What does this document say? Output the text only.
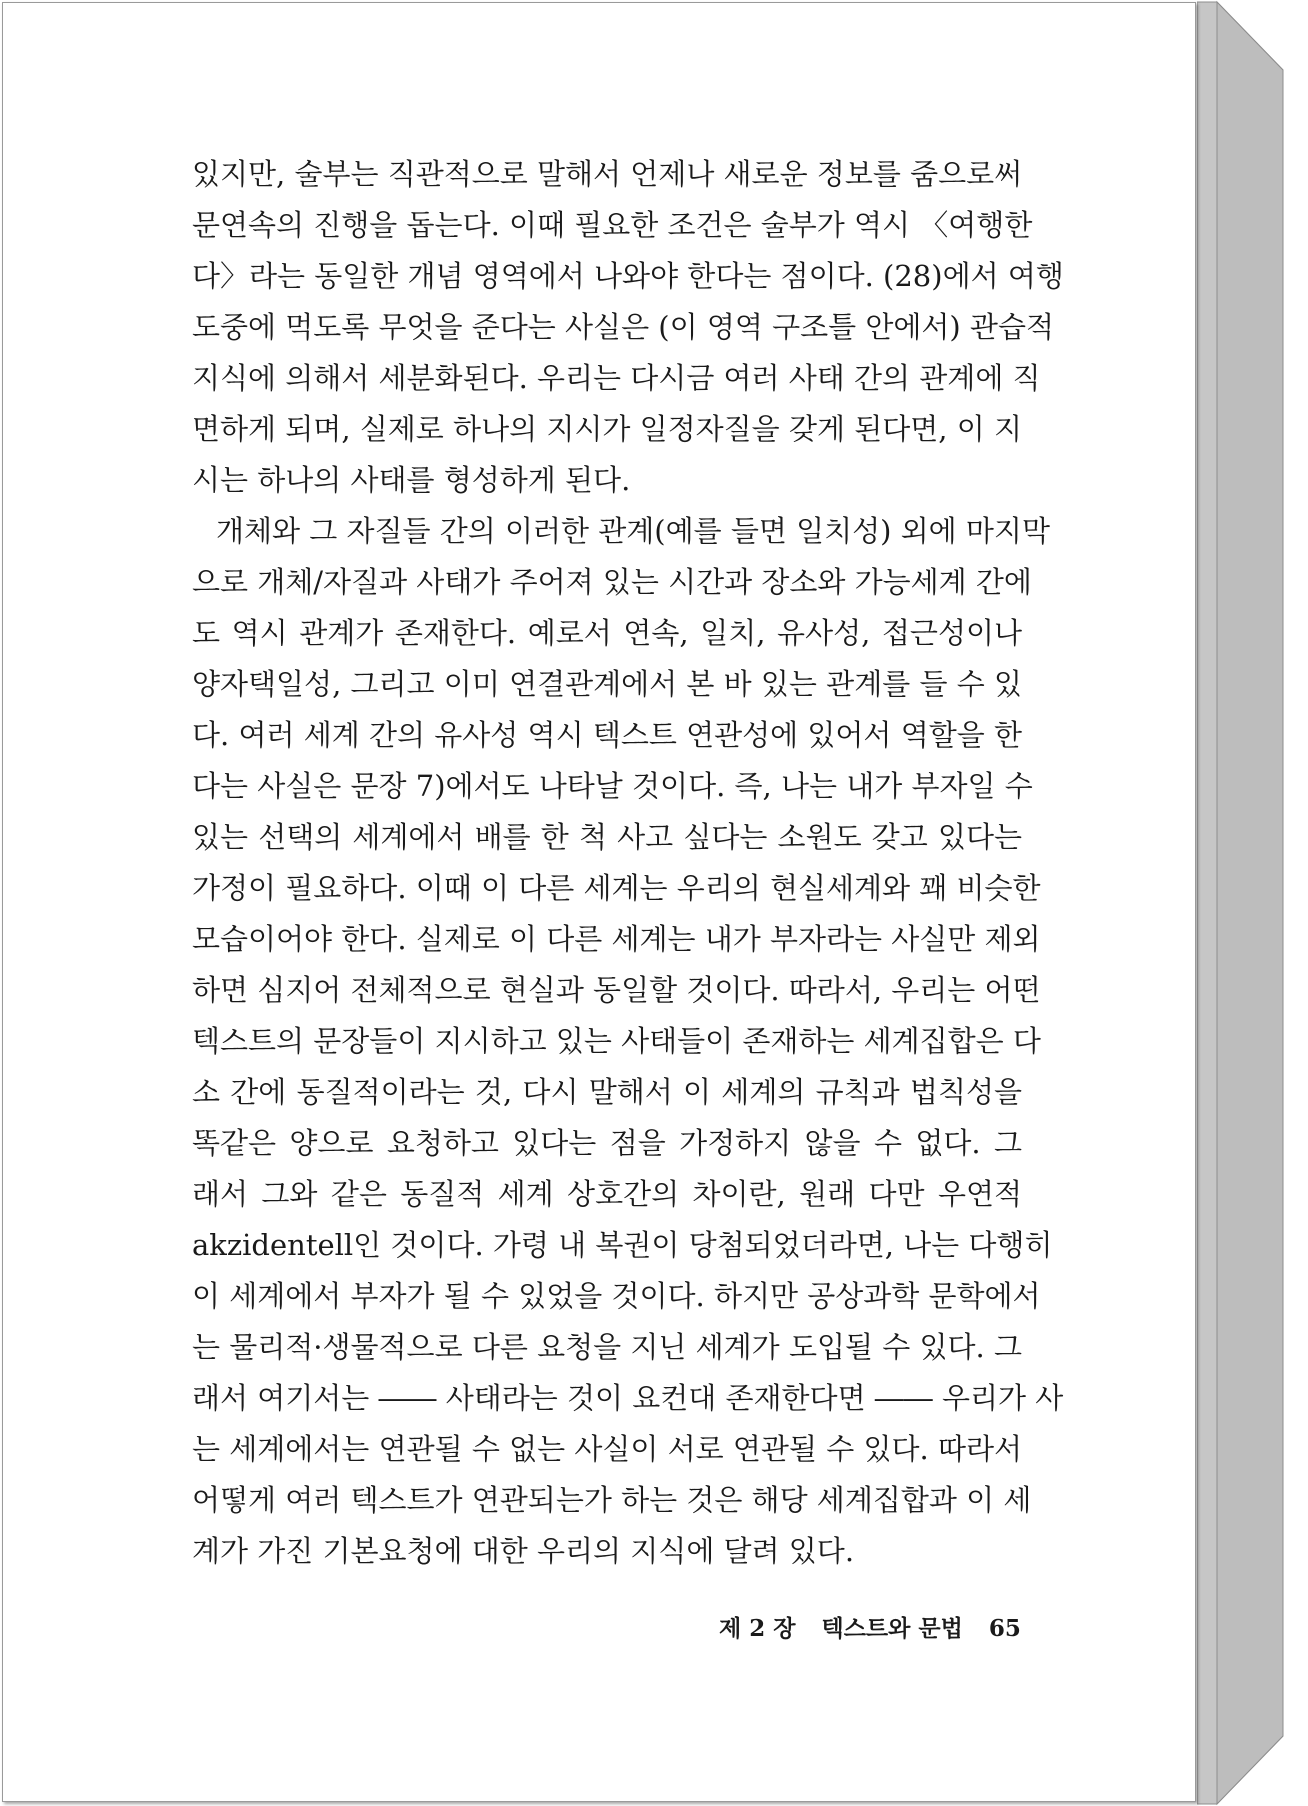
있지만, 술부는 직관적으로 말해서 언제나 새로운 정보를 줌으로써
문연속의 진행을 돕는다. 이때 필요한 조건은 술부가 역시 〈여행한
다〉라는 동일한 개념 영역에서 나와야 한다는 점이다. (28)에서 여행
도중에 먹도록 무엇을 준다는 사실은 (이 영역 구조틀 안에서) 관습적
지식에 의해서 세분화된다. 우리는 다시금 여러 사태 간의 관계에 직
면하게 되며, 실제로 하나의 지시가 일정자질을 갖게 된다면, 이 지
시는 하나의 사태를 형성하게 된다.
개체와 그 자질들 간의 이러한 관계(예를 들면 일치성) 외에 마지막
으로 개체/자질과 사태가 주어져 있는 시간과 장소와 가능세계 간에
도 역시 관계가 존재한다. 예로서 연속, 일치, 유사성, 접근성이나
양자택일성, 그리고 이미 연결관계에서 본 바 있는 관계를 들 수 있
다. 여러 세계 간의 유사성 역시 텍스트 연관성에 있어서 역할을 한
다는 사실은 문장 7)에서도 나타날 것이다. 즉, 나는 내가 부자일 수
있는 선택의 세계에서 배를 한 척 사고 싶다는 소원도 갖고 있다는
가정이 필요하다. 이때 이 다른 세계는 우리의 현실세계와 꽤 비슷한
모습이어야 한다. 실제로 이 다른 세계는 내가 부자라는 사실만 제외
하면 심지어 전체적으로 현실과 동일할 것이다. 따라서, 우리는 어떤
텍스트의 문장들이 지시하고 있는 사태들이 존재하는 세계집합은 다
소 간에 동질적이라는 것, 다시 말해서 이 세계의 규칙과 법칙성을
똑같은 양으로 요청하고 있다는 점을 가정하지 않을 수 없다. 그
래서 그와 같은 동질적 세계 상호간의 차이란, 원래 다만 우연적
akzidentell인 것이다. 가령 내 복권이 당첨되었더라면, 나는 다행히
이 세계에서 부자가 될 수 있었을 것이다. 하지만 공상과학 문학에서
는 물리적·생물적으로 다른 요청을 지닌 세계가 도입될 수 있다. 그
래서 여기서는 ―― 사태라는 것이 요컨대 존재한다면 ―― 우리가 사
는 세계에서는 연관될 수 없는 사실이 서로 연관될 수 있다. 따라서
어떻게 여러 텍스트가 연관되는가 하는 것은 해당 세계집합과 이 세
계가 가진 기본요청에 대한 우리의 지식에 달려 있다.
제 2 장 텍스트와 문법 65
